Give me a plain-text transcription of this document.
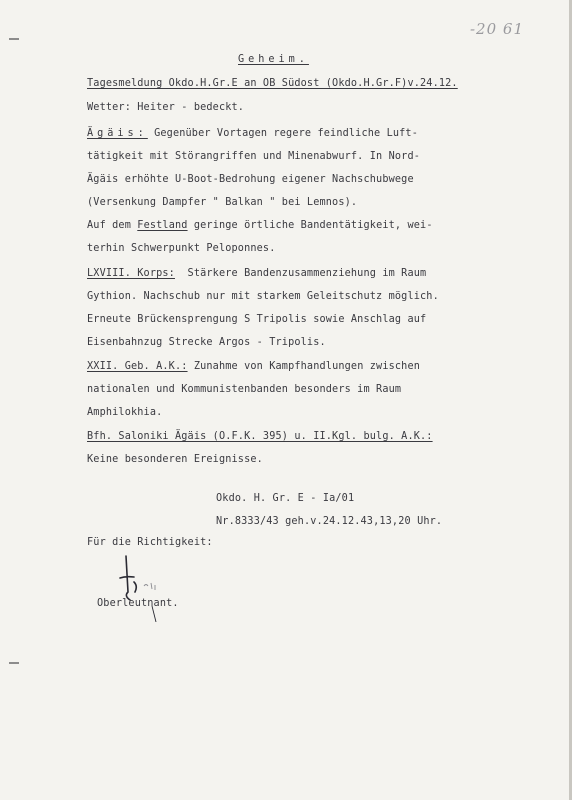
-20 61
Geheim.
Tagesmeldung Okdo.H.Gr.E an OB Südost (Okdo.H.Gr.F)v.24.12.
Wetter: Heiter - bedeckt.
Ägäis: Gegenüber Vortagen regere feindliche Luft-
tätigkeit mit Störangriffen und Minenabwurf. In Nord-
Ägäis erhöhte U-Boot-Bedrohung eigener Nachschubwege
(Versenkung Dampfer " Balkan " bei Lemnos).
Auf dem Festland geringe örtliche Bandentätigkeit, wei-
terhin Schwerpunkt Peloponnes.
LXVIII. Korps:  Stärkere Bandenzusammenziehung im Raum
Gythion. Nachschub nur mit starkem Geleitschutz möglich.
Erneute Brückensprengung S Tripolis sowie Anschlag auf
Eisenbahnzug Strecke Argos - Tripolis.
XXII. Geb. A.K.: Zunahme von Kampfhandlungen zwischen
nationalen und Kommunistenbanden besonders im Raum
Amphilokhia.
Bfh. Saloniki Ägäis (O.F.K. 395) u. II.Kgl. bulg. A.K.:
Keine besonderen Ereignisse.
Okdo. H. Gr. E - Ia/01
Nr.8333/43 geh.v.24.12.43,13,20 Uhr.
Für die Richtigkeit:
Oberleutnant.
